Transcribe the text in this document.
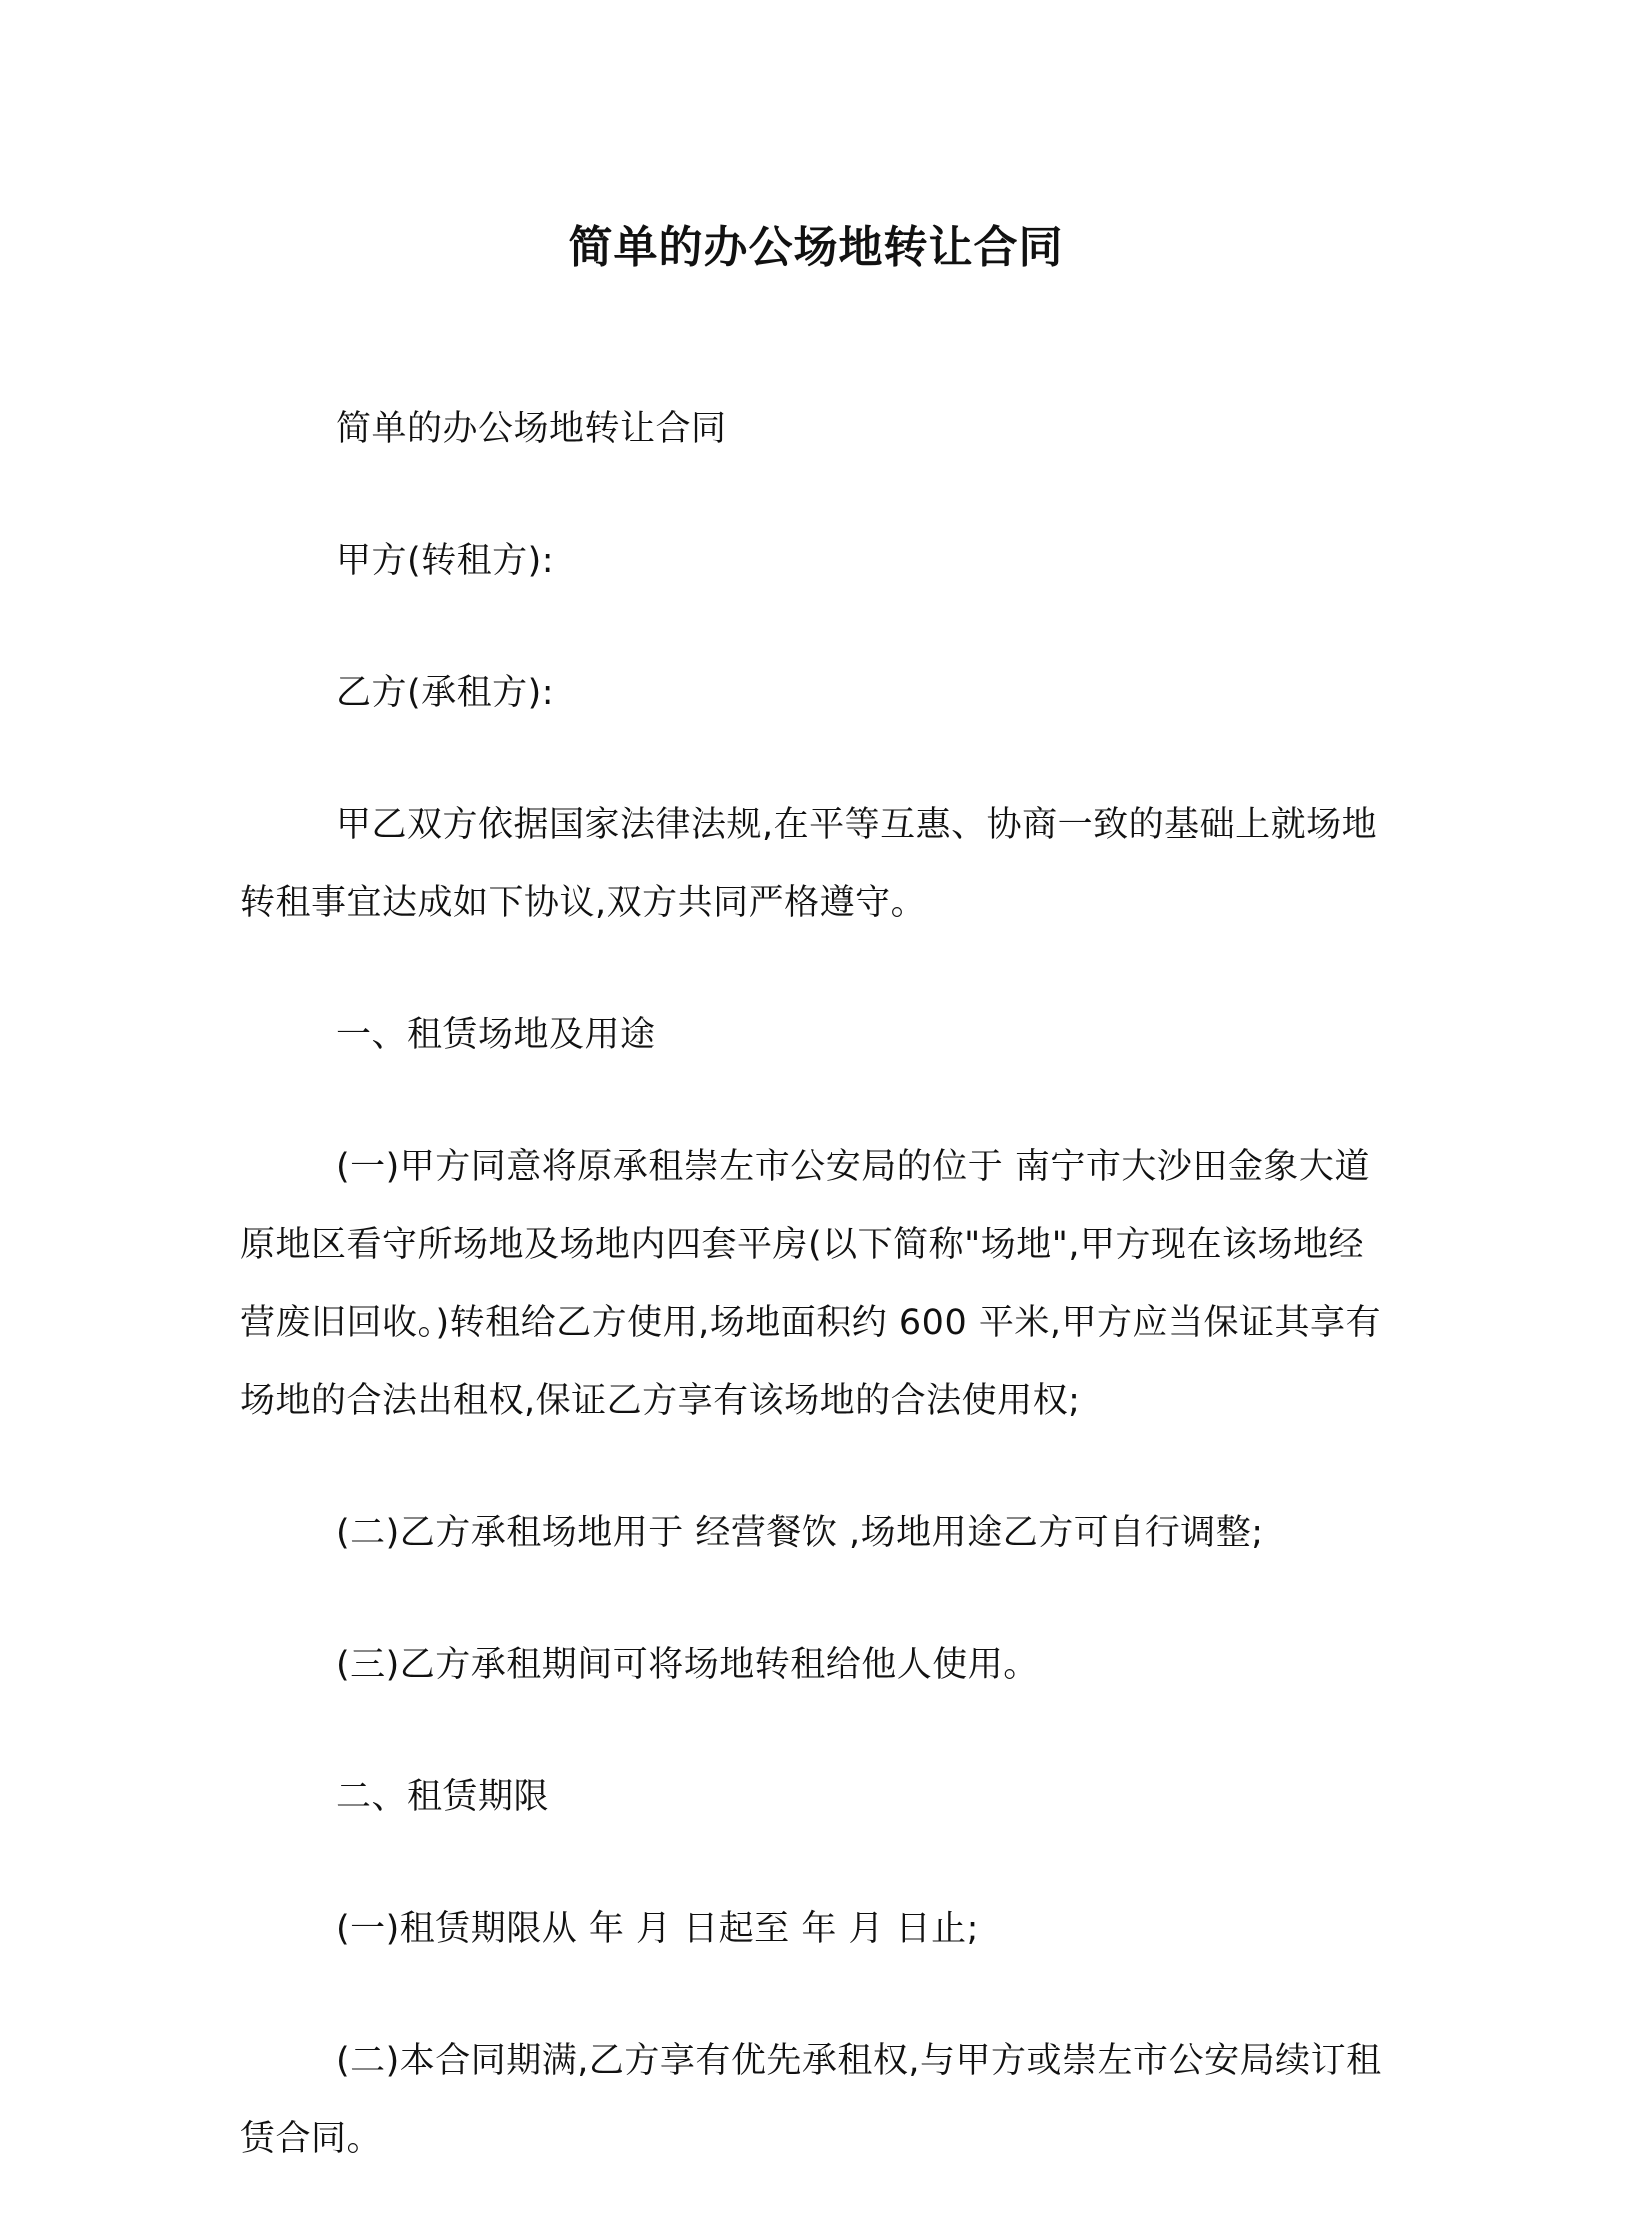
简单的办公场地转让合同

简单的办公场地转让合同

甲方(转租方):

乙方(承租方):

甲乙双方依据国家法律法规,在平等互惠、协商一致的基础上就场地转租事宜达成如下协议,双方共同严格遵守。

一、租赁场地及用途

(一)甲方同意将原承租崇左市公安局的位于 南宁市大沙田金象大道原地区看守所场地及场地内四套平房(以下简称"场地",甲方现在该场地经营废旧回收。)转租给乙方使用,场地面积约 600 平米,甲方应当保证其享有场地的合法出租权,保证乙方享有该场地的合法使用权;

(二)乙方承租场地用于 经营餐饮 ,场地用途乙方可自行调整;

(三)乙方承租期间可将场地转租给他人使用。

二、租赁期限

(一)租赁期限从 年 月 日起至 年 月 日止;

(二)本合同期满,乙方享有优先承租权,与甲方或崇左市公安局续订租赁合同。
